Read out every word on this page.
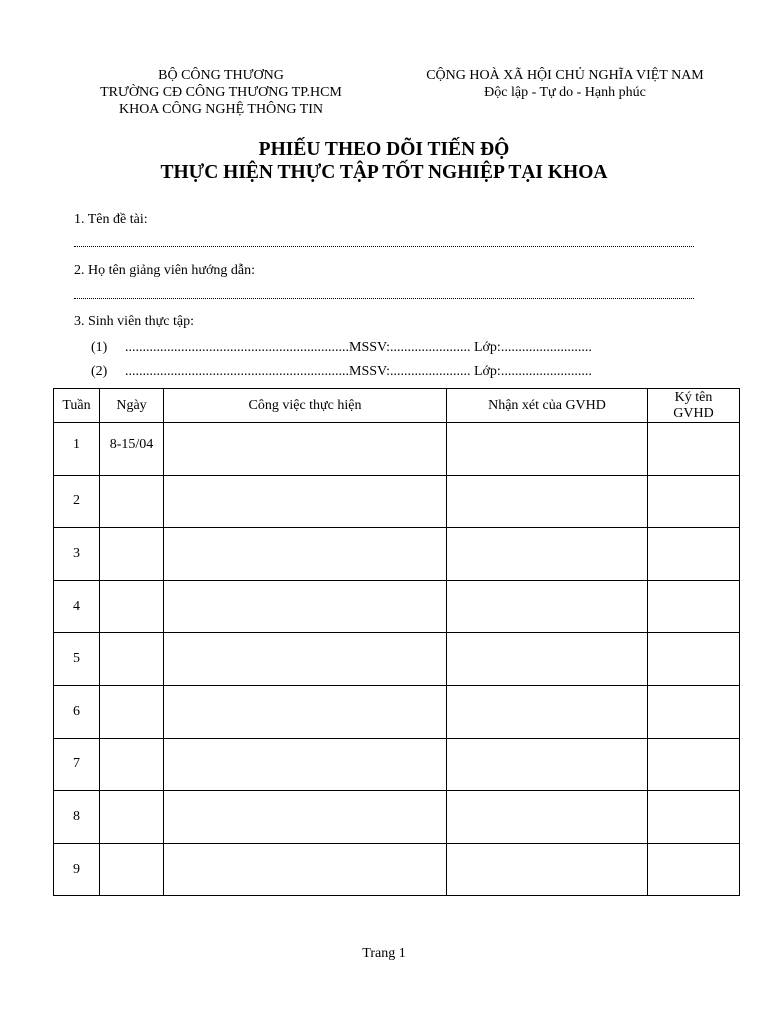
BỘ CÔNG THƯƠNG
TRƯỜNG CĐ CÔNG THƯƠNG TP.HCM
KHOA CÔNG NGHỆ THÔNG TIN
CỘNG HOÀ XÃ HỘI CHỦ NGHĨA VIỆT NAM
Độc lập - Tự do - Hạnh phúc
PHIẾU THEO DÕI TIẾN ĐỘ
THỰC HIỆN THỰC TẬP TỐT NGHIỆP TẠI KHOA
1. Tên đề tài:
2. Họ tên giảng viên hướng dẫn:
3. Sinh viên thực tập:
(1) ................................................................MSSV:....................... Lớp:..........................
(2) ................................................................MSSV:....................... Lớp:..........................
Tuần	Ngày	Công việc thực hiện	Nhận xét của GVHD	Ký tên
GVHD

1	8-15/04			
2				
3				
4				
5				
6				
7				
8				
9				
Trang 1
